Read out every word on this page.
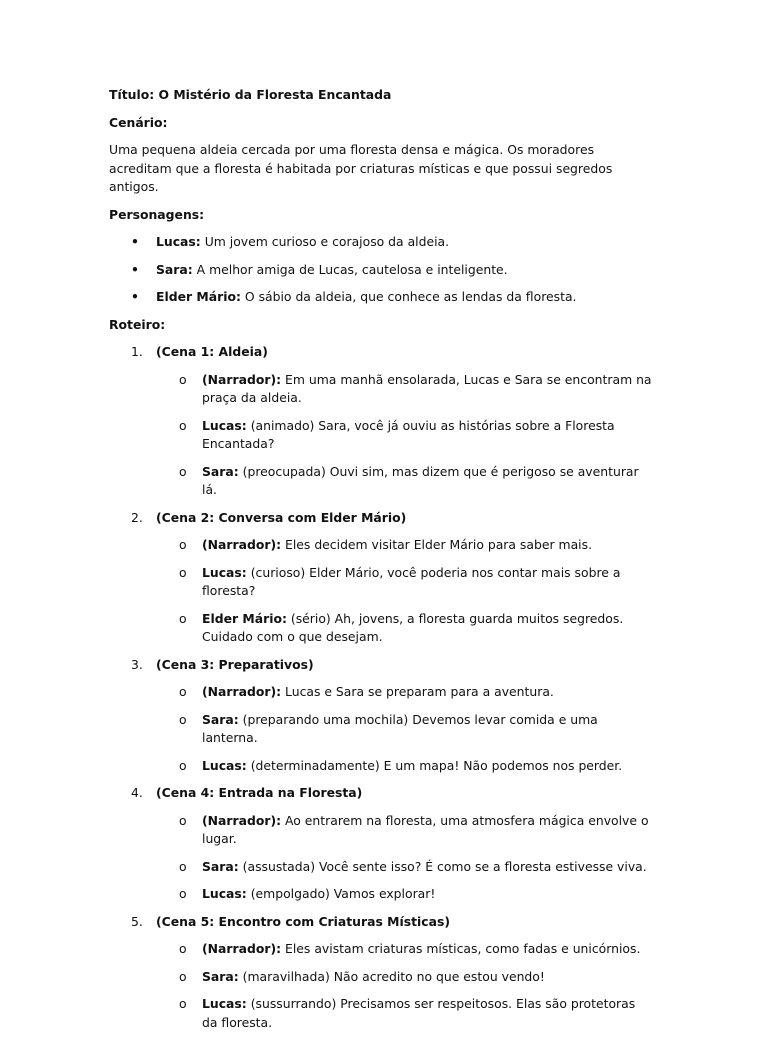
Título: O Mistério da Floresta Encantada

Cenário:

Uma pequena aldeia cercada por uma floresta densa e mágica. Os moradores acreditam que a floresta é habitada por criaturas místicas e que possui segredos antigos.

Personagens:

• Lucas: Um jovem curioso e corajoso da aldeia.
• Sara: A melhor amiga de Lucas, cautelosa e inteligente.
• Elder Mário: O sábio da aldeia, que conhece as lendas da floresta.

Roteiro:

1. (Cena 1: Aldeia)
o (Narrador): Em uma manhã ensolarada, Lucas e Sara se encontram na praça da aldeia.
o Lucas: (animado) Sara, você já ouviu as histórias sobre a Floresta Encantada?
o Sara: (preocupada) Ouvi sim, mas dizem que é perigoso se aventurar lá.
2. (Cena 2: Conversa com Elder Mário)
o (Narrador): Eles decidem visitar Elder Mário para saber mais.
o Lucas: (curioso) Elder Mário, você poderia nos contar mais sobre a floresta?
o Elder Mário: (sério) Ah, jovens, a floresta guarda muitos segredos. Cuidado com o que desejam.
3. (Cena 3: Preparativos)
o (Narrador): Lucas e Sara se preparam para a aventura.
o Sara: (preparando uma mochila) Devemos levar comida e uma lanterna.
o Lucas: (determinadamente) E um mapa! Não podemos nos perder.
4. (Cena 4: Entrada na Floresta)
o (Narrador): Ao entrarem na floresta, uma atmosfera mágica envolve o lugar.
o Sara: (assustada) Você sente isso? É como se a floresta estivesse viva.
o Lucas: (empolgado) Vamos explorar!
5. (Cena 5: Encontro com Criaturas Místicas)
o (Narrador): Eles avistam criaturas místicas, como fadas e unicórnios.
o Sara: (maravilhada) Não acredito no que estou vendo!
o Lucas: (sussurrando) Precisamos ser respeitosos. Elas são protetoras da floresta.
